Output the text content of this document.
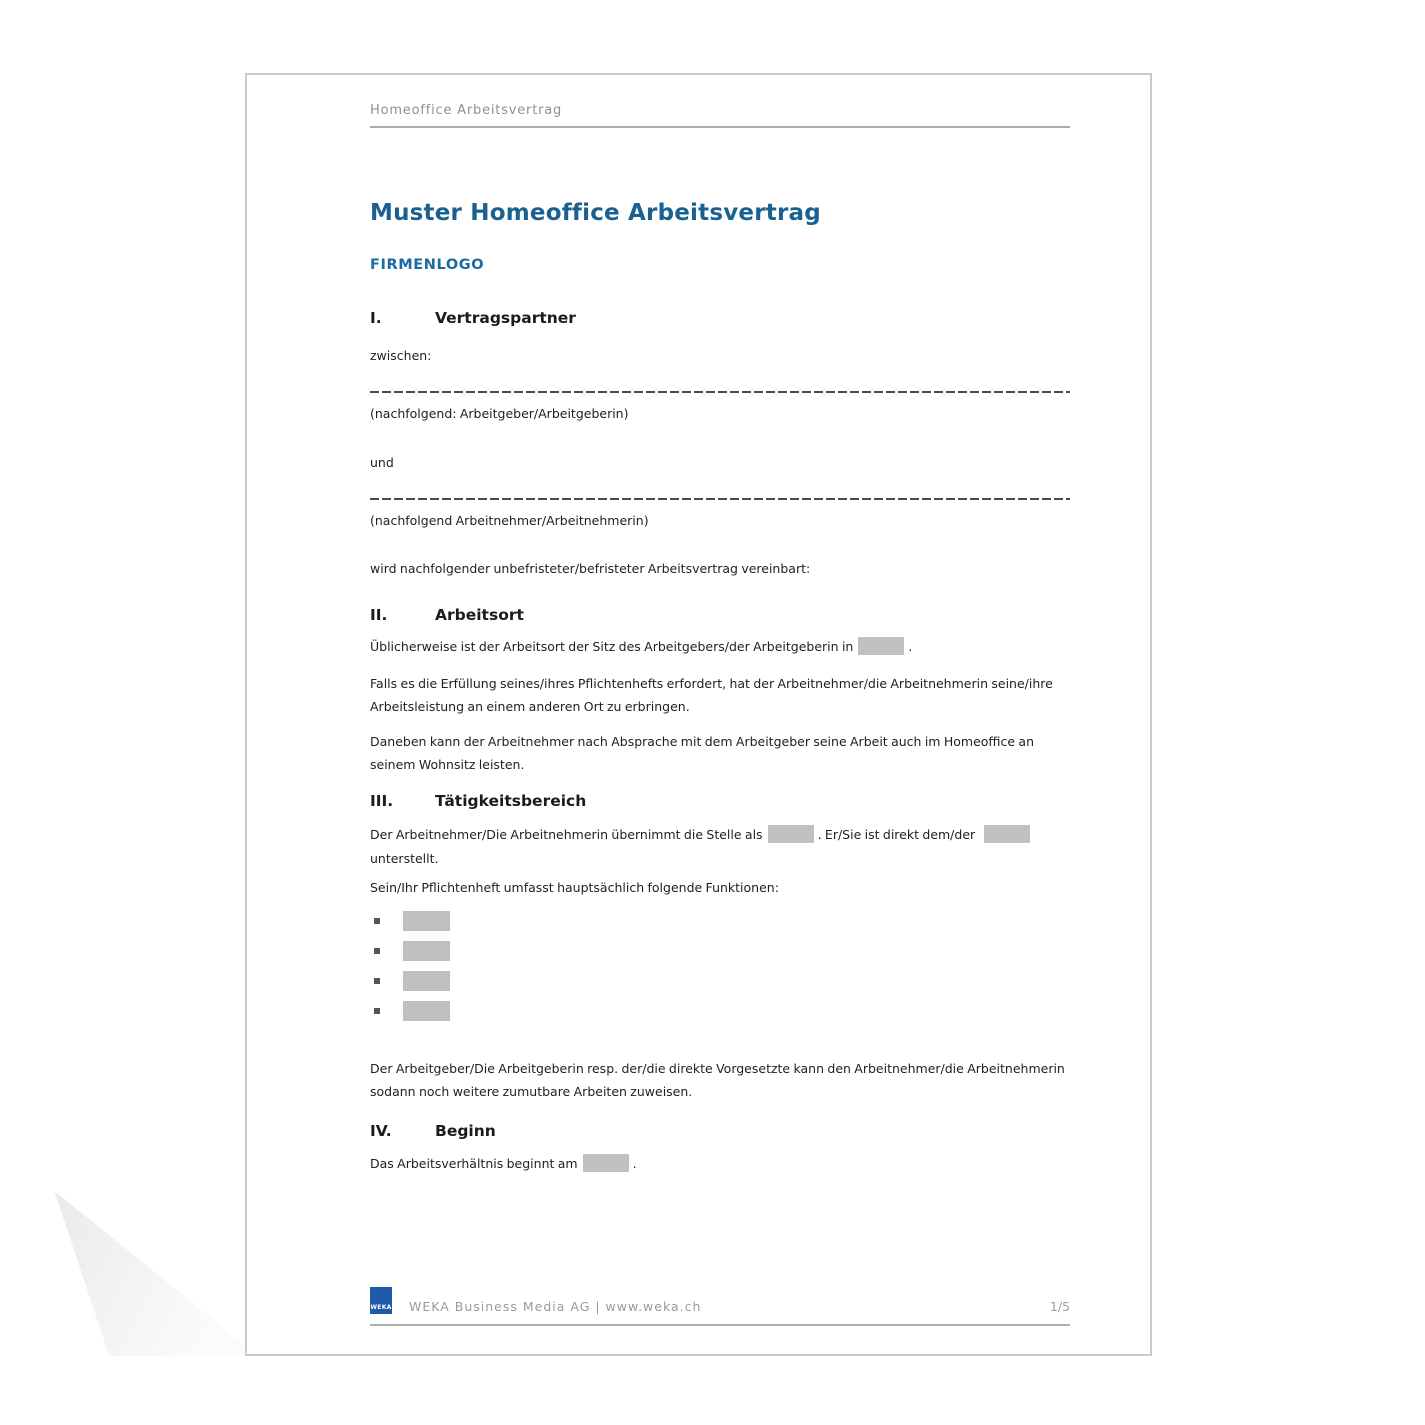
Homeoffice Arbeitsvertrag
Muster Homeoffice Arbeitsvertrag
FIRMENLOGO
I.	Vertragspartner
zwischen:
(nachfolgend: Arbeitgeber/Arbeitgeberin)
und
(nachfolgend Arbeitnehmer/Arbeitnehmerin)
wird nachfolgender unbefristeter/befristeter Arbeitsvertrag vereinbart:
II.	Arbeitsort
Üblicherweise ist der Arbeitsort der Sitz des Arbeitgebers/der Arbeitgeberin in	.
Falls es die Erfüllung seines/ihres Pflichtenhefts erfordert, hat der Arbeitnehmer/die Arbeitnehmerin seine/ihre Arbeitsleistung an einem anderen Ort zu erbringen.
Daneben kann der Arbeitnehmer nach Absprache mit dem Arbeitgeber seine Arbeit auch im Homeoffice an seinem Wohnsitz leisten.
III.	Tätigkeitsbereich
Der Arbeitnehmer/Die Arbeitnehmerin übernimmt die Stelle als	. Er/Sie ist direkt dem/der unterstellt.
Sein/Ihr Pflichtenheft umfasst hauptsächlich folgende Funktionen:
Der Arbeitgeber/Die Arbeitgeberin resp. der/die direkte Vorgesetzte kann den Arbeitnehmer/die Arbeitnehmerin sodann noch weitere zumutbare Arbeiten zuweisen.
IV.	Beginn
Das Arbeitsverhältnis beginnt am	.
WEKA WEKA Business Media AG | www.weka.ch	1/5
